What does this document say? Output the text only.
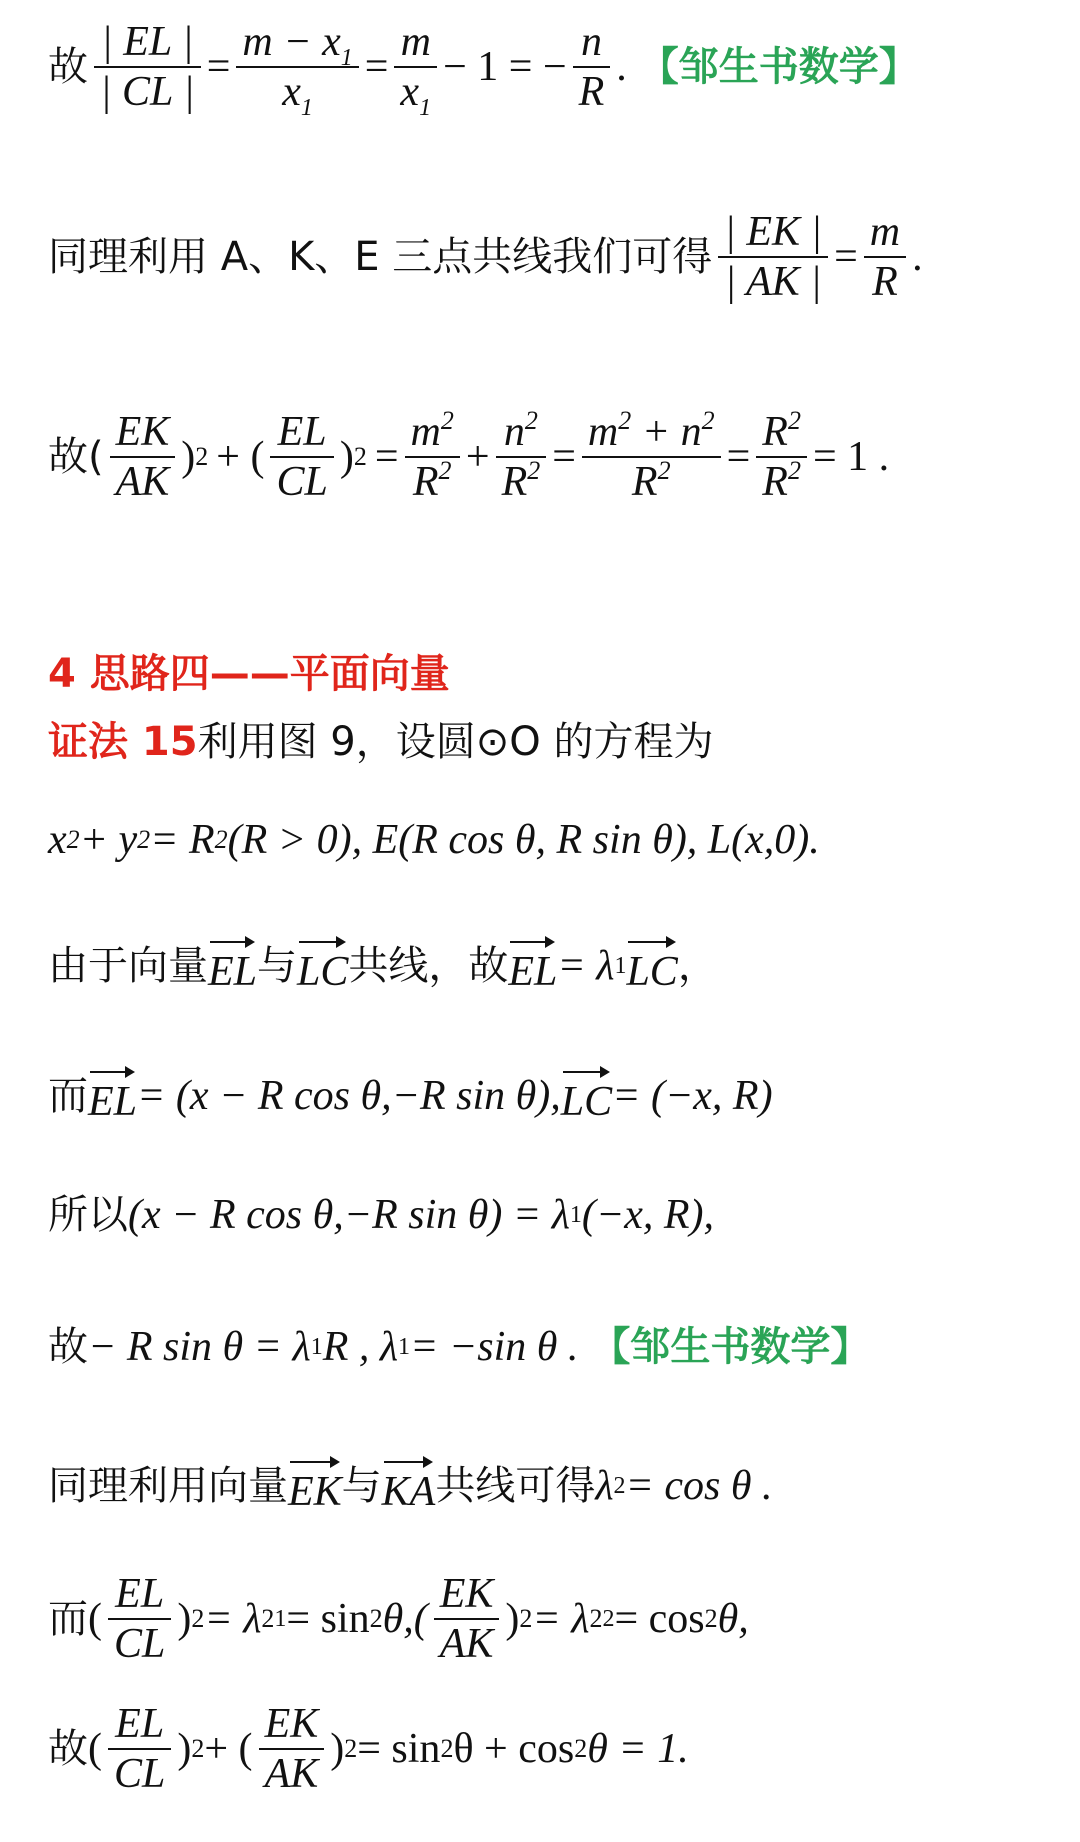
故 $\frac{| EL |}{| CL |} = \frac{m - x_1}{x_1} = \frac{m}{x_1} - 1$ = − $\frac{n}{R}$ . 【邹生书数学】
同理利用 A、K、E 三点共线我们可得 $\frac{| EK |}{| AK |} = \frac{m}{R}$ .
故( $\frac{EK}{AK}$ ) 2 + ( $\frac{EL}{CL}$ ) $2 = \frac{m^2}{R^2} + \frac{n^2}{R^2} = \frac{m^2 + n^2}{R^2} = \frac{R^2}{R^2} = 1$ .
4 思路四——平面向量
证法 15 利用图 9，设圆⊙O 的方程为
x 2 + y 2 = R 2 (R > 0), E(R cos θ, R sin θ), L(x,0).
由于向量 EL 与 LC 共线，故 EL = λ 1 LC ，
而 EL = (x − R cos θ,−R sin θ), LC = (−x, R)
所以 (x − R cos θ,−R sin θ) = λ 1 (−x, R),
故 − R sin θ = λ 1 R , λ 1 = −sin θ . 【邹生书数学】
同理利用向量 EK 与 KA 共线可得 λ 2 = cos θ .
而 ( $\frac{EL}{CL}$ ) 2 = λ 2 1 = sin 2 $\theta,( \frac{EK}{AK}$ ) 2 = λ 2 2 = cos 2 θ,
故 ( $\frac{EL}{CL}$ ) 2 + ( $\frac{EK}{AK}$ ) 2 = sin 2 θ + cos 2 θ = 1.
